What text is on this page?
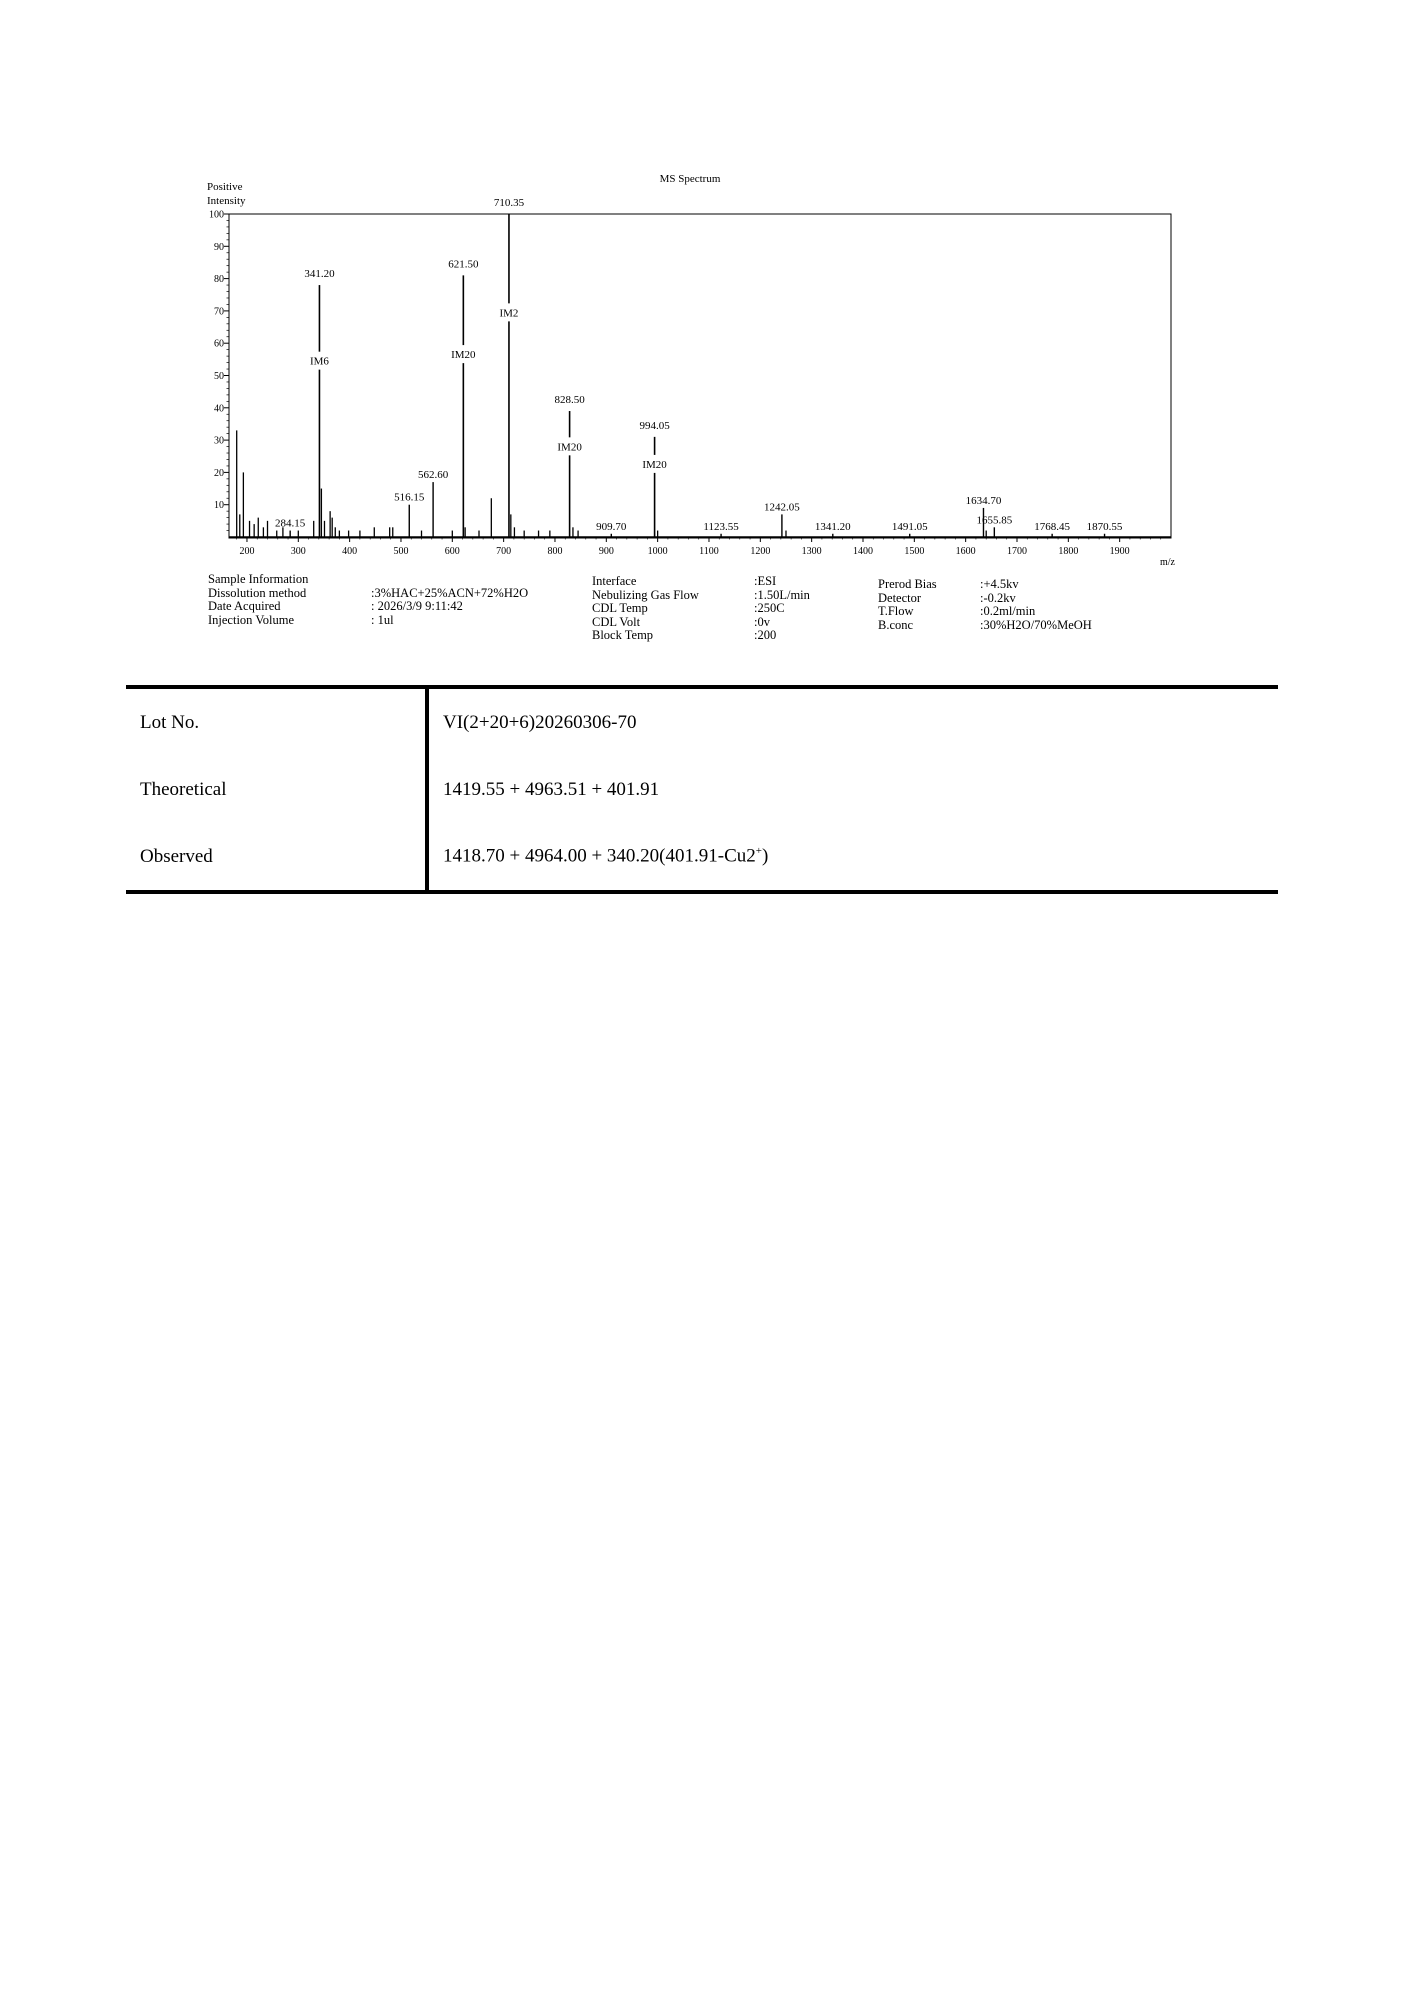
MS Spectrum
Positive
Intensity
10
20
30
40
50
60
70
80
90
100
200	300	400	500	600	700	800	900	1000	1100	1200	1300	1400	1500	1600	1700	1800	1900
IM6
341.20
IM20
621.50
IM2
710.35
IM20
828.50
IM20
994.05
284.15
516.15
562.60
909.70	1123.55
1242.05
1341.20	1491.05
1634.70
1655.85
1768.45 1870.55
m/z
Sample Information
Dissolution method	:3%HAC+25%ACN+72%H2O
Date Acquired	: 2026/3/9 9:11:42
Injection Volume	: 1ul
Interface	:ESI
Nebulizing Gas Flow	:1.50L/min
CDL Temp	:250C
CDL Volt	:0v
Block Temp	:200
Prerod Bias	:+4.5kv
Detector	:-0.2kv
T.Flow	:0.2ml/min
B.conc	:30%H2O/70%MeOH
Lot No.	VI(2+20+6)20260306-70
Theoretical	1419.55 + 4963.51 + 401.91
Observed	1418.70 + 4964.00 + 340.20(401.91-Cu2+)
